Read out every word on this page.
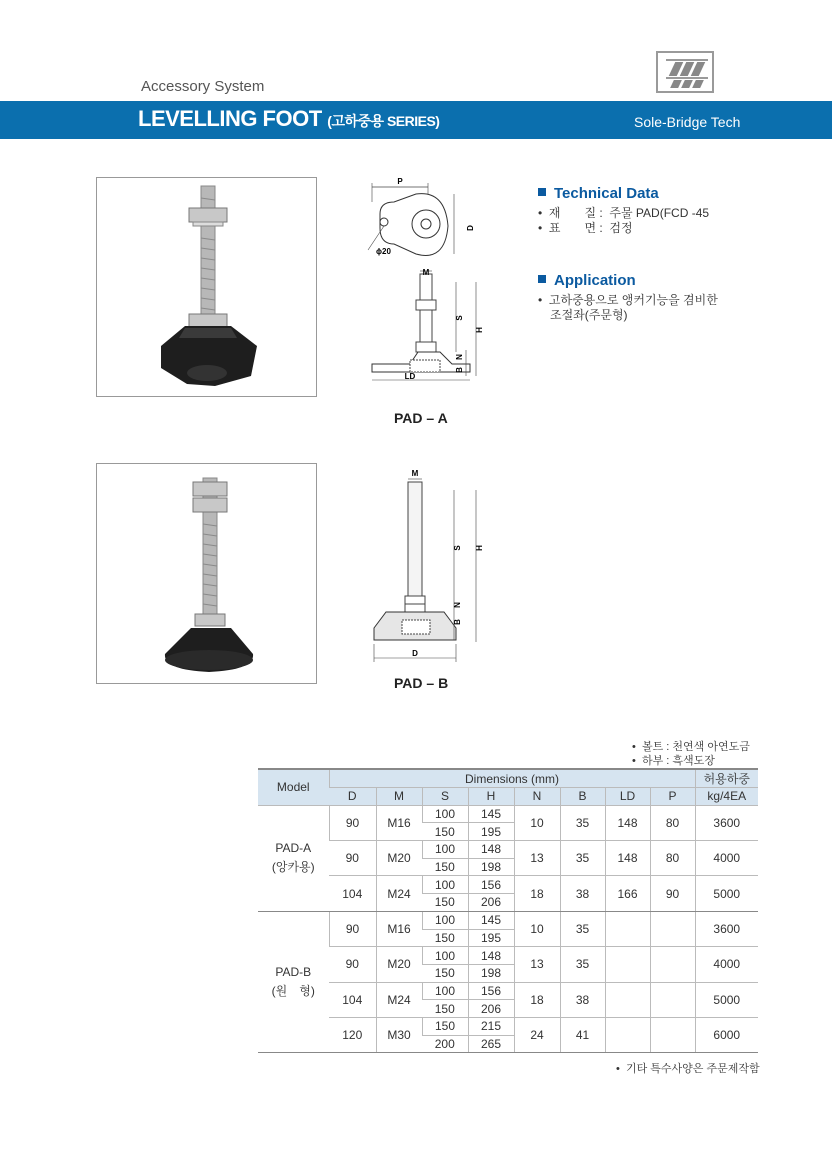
Accessory System
LEVELLING FOOT (고하중용 SERIES)	Sole-Bridge Tech
P
D
ϕ20
M
S
H
N
B
LD
PAD – A
Technical Data
•  재　　질 :  주물 PAD(FCD -45
•  표　　면 :  검정
Application
•  고하중용으로 앵커기능을 겸비한
조절좌(주문형)
M
S H
N
B
D
PAD – B
•  볼트 : 천연색 아연도금
•  하부 : 흑색도장
Model	Dimensions (mm)								허용하중
	D	M	S	H	N	B	LD	P	kg/4EA

PAD-A
(앙카용)	90	M16	100	145	10	35	148	80	3600
			150	195					
	90	M20	100	148	13	35	148	80	4000
			150	198					
	104	M24	100	156	18	38	166	90	5000
			150	206					

PAD-B
(원　형)	90	M16	100	145	10	35			3600
			150	195					
	90	M20	100	148	13	35			4000
			150	198					
	104	M24	100	156	18	38			5000
			150	206					
	120	M30	150	215	24	41			6000
			200	265					
•  기타 특수사양은 주문제작함
